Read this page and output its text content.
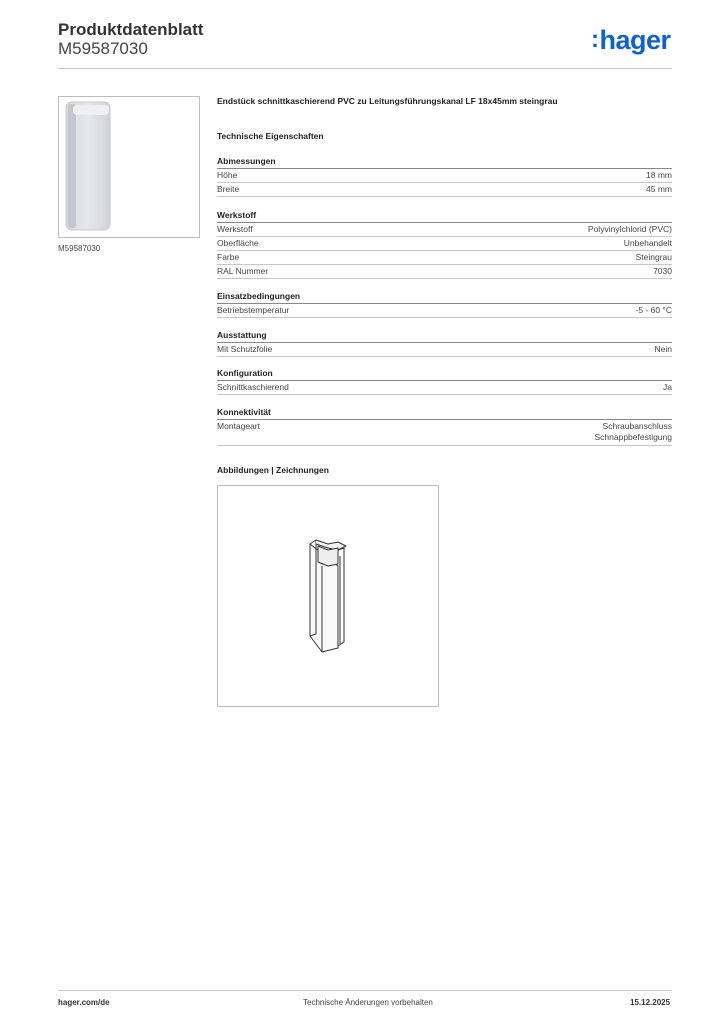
Produktdatenblatt
M59587030	:hager
M59587030
Endstück schnittkaschierend PVC zu Leitungsführungskanal LF 18x45mm steingrau
Technische Eigenschaften
Abmessungen
Höhe	18 mm
Breite	45 mm
Werkstoff
Werkstoff	Polyvinylchlorid (PVC)
Oberfläche	Unbehandelt
Farbe	Steingrau
RAL Nummer	7030
Einsatzbedingungen
Betriebstemperatur	-5 - 60 °C
Ausstattung
Mit Schutzfolie	Nein
Konfiguration
Schnittkaschierend	Ja
Konnektivität
Montageart	Schraubanschluss
Schnappbefestigung
Abbildungen | Zeichnungen
hager.com/de	Technische Änderungen vorbehalten	15.12.2025
